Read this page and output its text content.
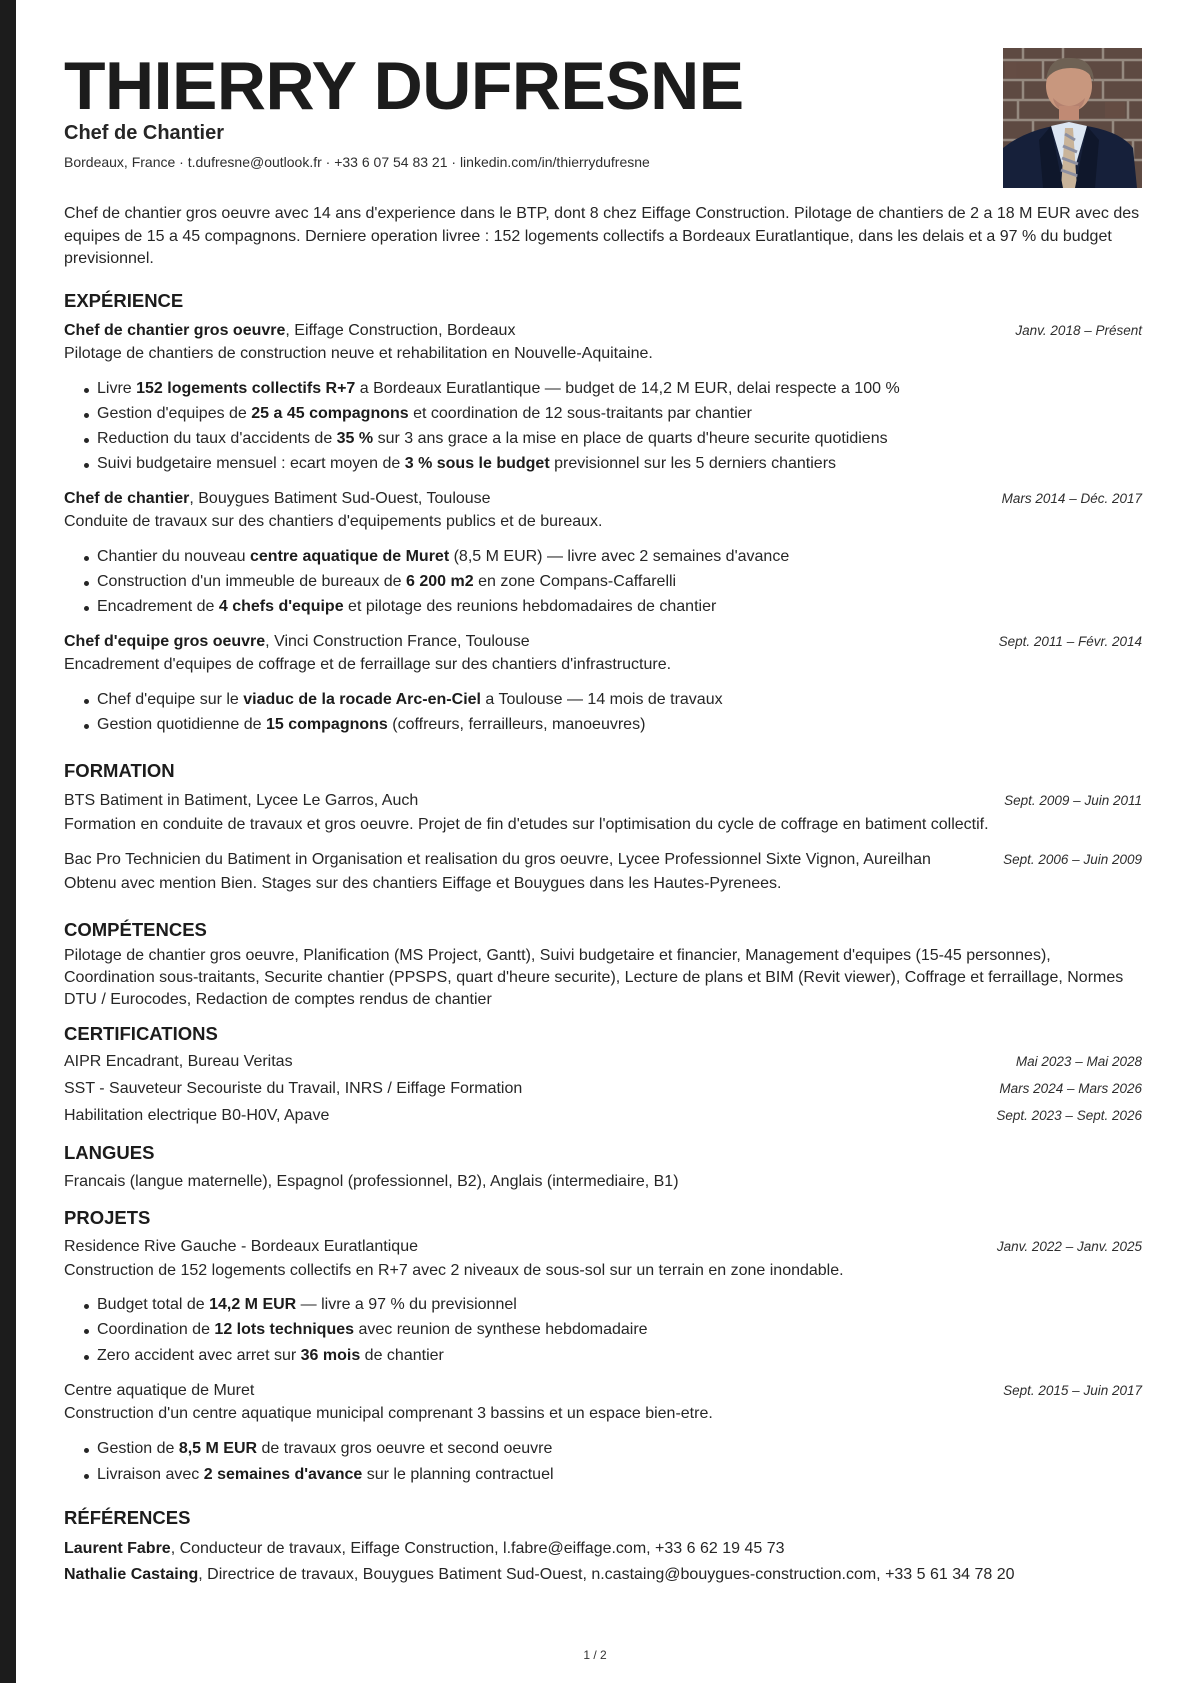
THIERRY DUFRESNE
Chef de Chantier
Bordeaux, France · t.dufresne@outlook.fr · +33 6 07 54 83 21 · linkedin.com/in/thierrydufresne
Chef de chantier gros oeuvre avec 14 ans d'experience dans le BTP, dont 8 chez Eiffage Construction. Pilotage de chantiers de 2 a 18 M EUR avec des equipes de 15 a 45 compagnons. Derniere operation livree : 152 logements collectifs a Bordeaux Euratlantique, dans les delais et a 97 % du budget previsionnel.
EXPÉRIENCE
Chef de chantier gros oeuvre, Eiffage Construction, Bordeaux	Janv. 2018 – Présent
Pilotage de chantiers de construction neuve et rehabilitation en Nouvelle-Aquitaine.
Livre 152 logements collectifs R+7 a Bordeaux Euratlantique — budget de 14,2 M EUR, delai respecte a 100 %
Gestion d'equipes de 25 a 45 compagnons et coordination de 12 sous-traitants par chantier
Reduction du taux d'accidents de 35 % sur 3 ans grace a la mise en place de quarts d'heure securite quotidiens
Suivi budgetaire mensuel : ecart moyen de 3 % sous le budget previsionnel sur les 5 derniers chantiers
Chef de chantier, Bouygues Batiment Sud-Ouest, Toulouse	Mars 2014 – Déc. 2017
Conduite de travaux sur des chantiers d'equipements publics et de bureaux.
Chantier du nouveau centre aquatique de Muret (8,5 M EUR) — livre avec 2 semaines d'avance
Construction d'un immeuble de bureaux de 6 200 m2 en zone Compans-Caffarelli
Encadrement de 4 chefs d'equipe et pilotage des reunions hebdomadaires de chantier
Chef d'equipe gros oeuvre, Vinci Construction France, Toulouse	Sept. 2011 – Févr. 2014
Encadrement d'equipes de coffrage et de ferraillage sur des chantiers d'infrastructure.
Chef d'equipe sur le viaduc de la rocade Arc-en-Ciel a Toulouse — 14 mois de travaux
Gestion quotidienne de 15 compagnons (coffreurs, ferrailleurs, manoeuvres)
FORMATION
BTS Batiment in Batiment, Lycee Le Garros, Auch	Sept. 2009 – Juin 2011
Formation en conduite de travaux et gros oeuvre. Projet de fin d'etudes sur l'optimisation du cycle de coffrage en batiment collectif.
Bac Pro Technicien du Batiment in Organisation et realisation du gros oeuvre, Lycee Professionnel Sixte Vignon, Aureilhan	Sept. 2006 – Juin 2009
Obtenu avec mention Bien. Stages sur des chantiers Eiffage et Bouygues dans les Hautes-Pyrenees.
COMPÉTENCES
Pilotage de chantier gros oeuvre, Planification (MS Project, Gantt), Suivi budgetaire et financier, Management d'equipes (15-45 personnes), Coordination sous-traitants, Securite chantier (PPSPS, quart d'heure securite), Lecture de plans et BIM (Revit viewer), Coffrage et ferraillage, Normes DTU / Eurocodes, Redaction de comptes rendus de chantier
CERTIFICATIONS
AIPR Encadrant, Bureau Veritas	Mai 2023 – Mai 2028
SST - Sauveteur Secouriste du Travail, INRS / Eiffage Formation	Mars 2024 – Mars 2026
Habilitation electrique B0-H0V, Apave	Sept. 2023 – Sept. 2026
LANGUES
Francais (langue maternelle), Espagnol (professionnel, B2), Anglais (intermediaire, B1)
PROJETS
Residence Rive Gauche - Bordeaux Euratlantique	Janv. 2022 – Janv. 2025
Construction de 152 logements collectifs en R+7 avec 2 niveaux de sous-sol sur un terrain en zone inondable.
Budget total de 14,2 M EUR — livre a 97 % du previsionnel
Coordination de 12 lots techniques avec reunion de synthese hebdomadaire
Zero accident avec arret sur 36 mois de chantier
Centre aquatique de Muret	Sept. 2015 – Juin 2017
Construction d'un centre aquatique municipal comprenant 3 bassins et un espace bien-etre.
Gestion de 8,5 M EUR de travaux gros oeuvre et second oeuvre
Livraison avec 2 semaines d'avance sur le planning contractuel
RÉFÉRENCES
Laurent Fabre, Conducteur de travaux, Eiffage Construction, l.fabre@eiffage.com, +33 6 62 19 45 73
Nathalie Castaing, Directrice de travaux, Bouygues Batiment Sud-Ouest, n.castaing@bouygues-construction.com, +33 5 61 34 78 20
1 / 2
